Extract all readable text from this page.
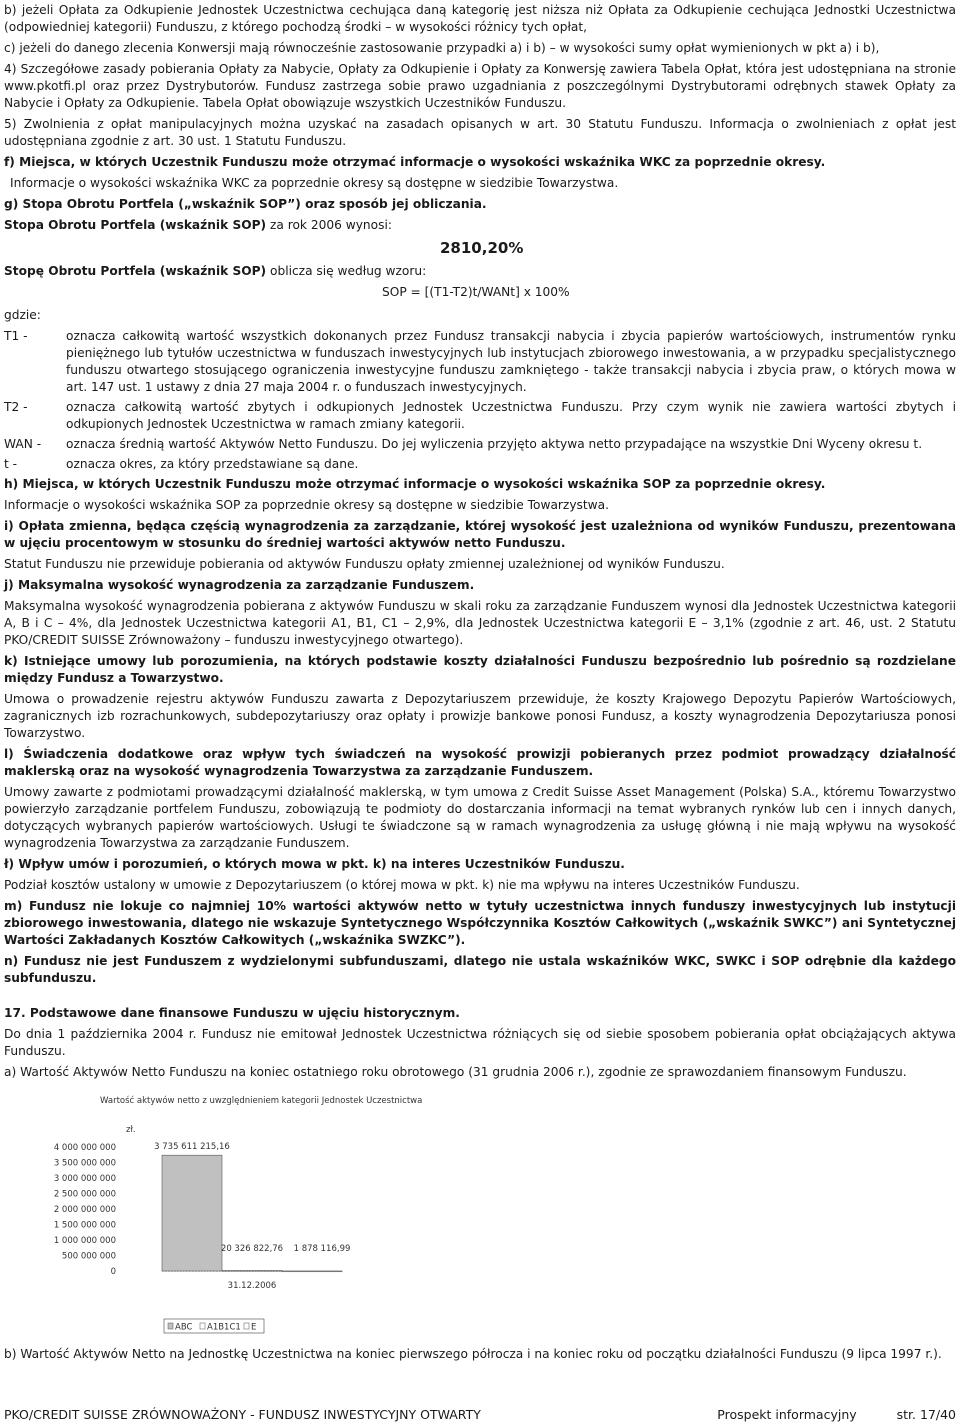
b) jeżeli Opłata za Odkupienie Jednostek Uczestnictwa cechująca daną kategorię jest niższa niż Opłata za Odkupienie cechująca Jednostki Uczestnictwa (odpowiedniej kategorii) Funduszu, z którego pochodzą środki – w wysokości różnicy tych opłat,

c) jeżeli do danego zlecenia Konwersji mają równocześnie zastosowanie przypadki a) i b) – w wysokości sumy opłat wymienionych w pkt a) i b),

4) Szczegółowe zasady pobierania Opłaty za Nabycie, Opłaty za Odkupienie i Opłaty za Konwersję zawiera Tabela Opłat, która jest udostępniana na stronie www.pkotfi.pl oraz przez Dystrybutorów. Fundusz zastrzega sobie prawo uzgadniania z poszczególnymi Dystrybutorami odrębnych stawek Opłaty za Nabycie i Opłaty za Odkupienie. Tabela Opłat obowiązuje wszystkich Uczestników Funduszu.

5) Zwolnienia z opłat manipulacyjnych można uzyskać na zasadach opisanych w art. 30 Statutu Funduszu. Informacja o zwolnieniach z opłat jest udostępniana zgodnie z art. 30 ust. 1 Statutu Funduszu.

f) Miejsca, w których Uczestnik Funduszu może otrzymać informacje o wysokości wskaźnika WKC za poprzednie okresy.

Informacje o wysokości wskaźnika WKC za poprzednie okresy są dostępne w siedzibie Towarzystwa.

g) Stopa Obrotu Portfela („wskaźnik SOP”) oraz sposób jej obliczania.

Stopa Obrotu Portfela (wskaźnik SOP) za rok 2006 wynosi:

2810,20%

Stopę Obrotu Portfela (wskaźnik SOP) oblicza się według wzoru:

SOP = [(T1-T2)t/WANt] x 100%

gdzie:

T1 -	oznacza całkowitą wartość wszystkich dokonanych przez Fundusz transakcji nabycia i zbycia papierów wartościowych, instrumentów rynku pieniężnego lub tytułów uczestnictwa w funduszach inwestycyjnych lub instytucjach zbiorowego inwestowania, a w przypadku specjalistycznego funduszu otwartego stosującego ograniczenia inwestycyjne funduszu zamkniętego - także transakcji nabycia i zbycia praw, o których mowa w art. 147 ust. 1 ustawy z dnia 27 maja 2004 r. o funduszach inwestycyjnych.
T2 -	oznacza całkowitą wartość zbytych i odkupionych Jednostek Uczestnictwa Funduszu. Przy czym wynik nie zawiera wartości zbytych i odkupionych Jednostek Uczestnictwa w ramach zmiany kategorii.
WAN -	oznacza średnią wartość Aktywów Netto Funduszu. Do jej wyliczenia przyjęto aktywa netto przypadające na wszystkie Dni Wyceny okresu t.
t -	oznacza okres, za który przedstawiane są dane.

h) Miejsca, w których Uczestnik Funduszu może otrzymać informacje o wysokości wskaźnika SOP za poprzednie okresy.

Informacje o wysokości wskaźnika SOP za poprzednie okresy są dostępne w siedzibie Towarzystwa.

i) Opłata zmienna, będąca częścią wynagrodzenia za zarządzanie, której wysokość jest uzależniona od wyników Funduszu, prezentowana w ujęciu procentowym w stosunku do średniej wartości aktywów netto Funduszu.

Statut Funduszu nie przewiduje pobierania od aktywów Funduszu opłaty zmiennej uzależnionej od wyników Funduszu.

j) Maksymalna wysokość wynagrodzenia za zarządzanie Funduszem.

Maksymalna wysokość wynagrodzenia pobierana z aktywów Funduszu w skali roku za zarządzanie Funduszem wynosi dla Jednostek Uczestnictwa kategorii A, B i C – 4%, dla Jednostek Uczestnictwa kategorii A1, B1, C1 – 2,9%, dla Jednostek Uczestnictwa kategorii E – 3,1% (zgodnie z art. 46, ust. 2 Statutu PKO/CREDIT SUISSE Zrównoważony – funduszu inwestycyjnego otwartego).

k) Istniejące umowy lub porozumienia, na których podstawie koszty działalności Funduszu bezpośrednio lub pośrednio są rozdzielane między Fundusz a Towarzystwo.

Umowa o prowadzenie rejestru aktywów Funduszu zawarta z Depozytariuszem przewiduje, że koszty Krajowego Depozytu Papierów Wartościowych, zagranicznych izb rozrachunkowych, subdepozytariuszy oraz opłaty i prowizje bankowe ponosi Fundusz, a koszty wynagrodzenia Depozytariusza ponosi Towarzystwo.

l) Świadczenia dodatkowe oraz wpływ tych świadczeń na wysokość prowizji pobieranych przez podmiot prowadzący działalność maklerską oraz na wysokość wynagrodzenia Towarzystwa za zarządzanie Funduszem.

Umowy zawarte z podmiotami prowadzącymi działalność maklerską, w tym umowa z Credit Suisse Asset Management (Polska) S.A., któremu Towarzystwo powierzyło zarządzanie portfelem Funduszu, zobowiązują te podmioty do dostarczania informacji na temat wybranych rynków lub cen i innych danych, dotyczących wybranych papierów wartościowych. Usługi te świadczone są w ramach wynagrodzenia za usługę główną i nie mają wpływu na wysokość wynagrodzenia Towarzystwa za zarządzanie Funduszem.

ł) Wpływ umów i porozumień, o których mowa w pkt. k) na interes Uczestników Funduszu.

Podział kosztów ustalony w umowie z Depozytariuszem (o której mowa w pkt. k) nie ma wpływu na interes Uczestników Funduszu.

m) Fundusz nie lokuje co najmniej 10% wartości aktywów netto w tytuły uczestnictwa innych funduszy inwestycyjnych lub instytucji zbiorowego inwestowania, dlatego nie wskazuje Syntetycznego Współczynnika Kosztów Całkowitych („wskaźnik SWKC”) ani Syntetycznej Wartości Zakładanych Kosztów Całkowitych („wskaźnika SWZKC”).

n) Fundusz nie jest Funduszem z wydzielonymi subfunduszami, dlatego nie ustala wskaźników WKC, SWKC i SOP odrębnie dla każdego subfunduszu.

17. Podstawowe dane finansowe Funduszu w ujęciu historycznym.

Do dnia 1 października 2004 r. Fundusz nie emitował Jednostek Uczestnictwa różniących się od siebie sposobem pobierania opłat obciążających aktywa Funduszu.

a) Wartość Aktywów Netto Funduszu na koniec ostatniego roku obrotowego (31 grudnia 2006 r.), zgodnie ze sprawozdaniem finansowym Funduszu.

Wartość aktywów netto z uwzględnieniem kategorii Jednostek Uczestnictwa
zł.
4 000 000 000
3 500 000 000
3 000 000 000
2 500 000 000
2 000 000 000
1 500 000 000
1 000 000 000
500 000 000
0
3 735 611 215,16
20 326 822,76 1 878 116,99
31.12.2006
ABC A1B1C1 E

b) Wartość Aktywów Netto na Jednostkę Uczestnictwa na koniec pierwszego półrocza i na koniec roku od początku działalności Funduszu (9 lipca 1997 r.).

PKO/CREDIT SUISSE ZRÓWNOWAŻONY - FUNDUSZ INWESTYCYJNY OTWARTY	Prospekt informacyjny	str. 17/40
